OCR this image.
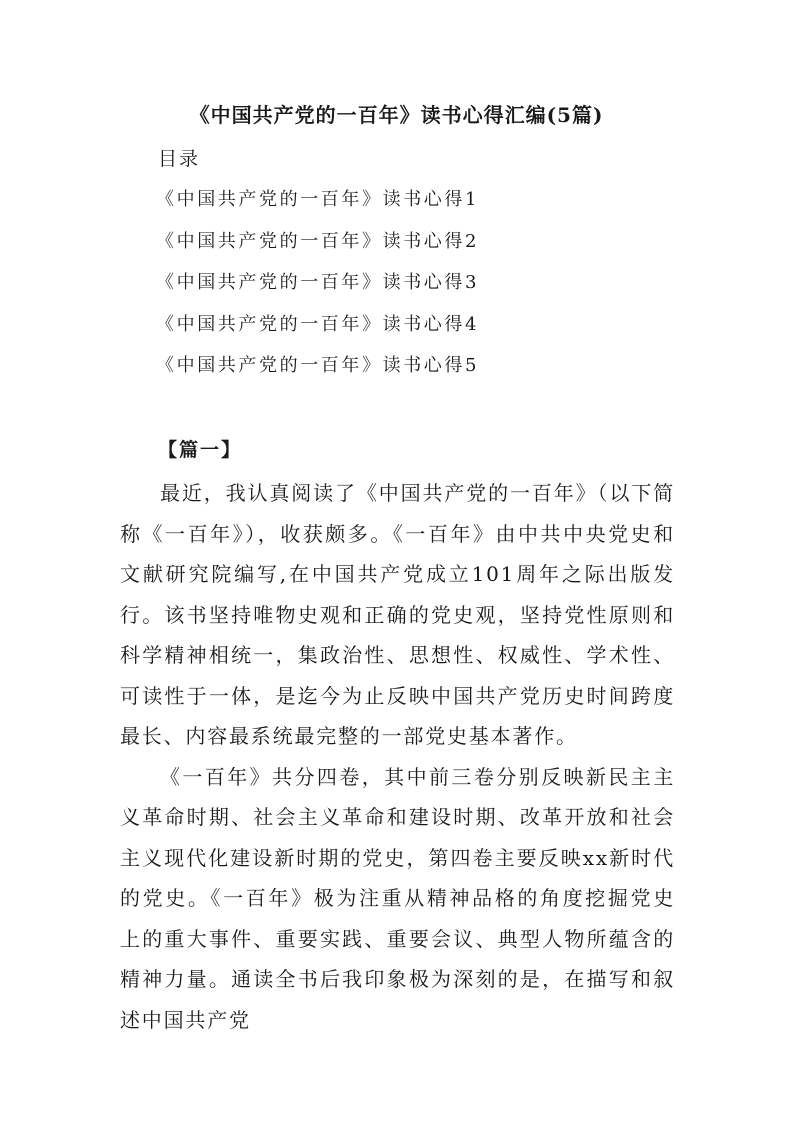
《中国共产党的一百年》读书心得汇编(5篇)
目录
《中国共产党的一百年》读书心得1
《中国共产党的一百年》读书心得2
《中国共产党的一百年》读书心得3
《中国共产党的一百年》读书心得4
《中国共产党的一百年》读书心得5
【篇一】

最近，我认真阅读了《中国共产党的一百年》（以下简称《一百年》），收获颇多。《一百年》由中共中央党史和文献研究院编写,在中国共产党成立101周年之际出版发行。该书坚持唯物史观和正确的党史观，坚持党性原则和科学精神相统一，集政治性、思想性、权威性、学术性、可读性于一体，是迄今为止反映中国共产党历史时间跨度最长、内容最系统最完整的一部党史基本著作。

《一百年》共分四卷，其中前三卷分别反映新民主主义革命时期、社会主义革命和建设时期、改革开放和社会主义现代化建设新时期的党史，第四卷主要反映xx新时代的党史。《一百年》极为注重从精神品格的角度挖掘党史上的重大事件、重要实践、重要会议、典型人物所蕴含的精神力量。通读全书后我印象极为深刻的是，在描写和叙述中国共产党
